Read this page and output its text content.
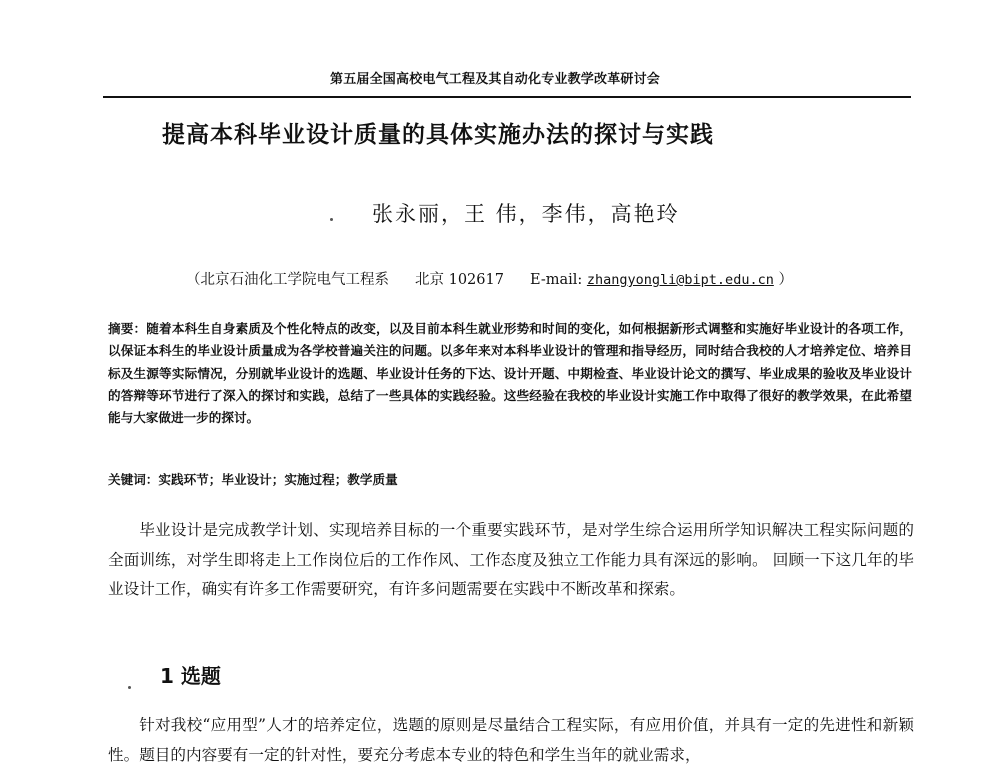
第五届全国高校电气工程及其自动化专业教学改革研讨会
提高本科毕业设计质量的具体实施办法的探讨与实践
张永丽，王 伟，李伟，高艳玲
（北京石油化工学院电气工程系 北京 102617 E-mail: zhangyongli@bipt.edu.cn ）
摘要：随着本科生自身素质及个性化特点的改变，以及目前本科生就业形势和时间的变化，如何根据新形式调整和实施好毕业设计的各项工作，以保证本科生的毕业设计质量成为各学校普遍关注的问题。以多年来对本科毕业设计的管理和指导经历，同时结合我校的人才培养定位、培养目标及生源等实际情况，分别就毕业设计的选题、毕业设计任务的下达、设计开题、中期检查、毕业设计论文的撰写、毕业成果的验收及毕业设计的答辩等环节进行了深入的探讨和实践，总结了一些具体的实践经验。这些经验在我校的毕业设计实施工作中取得了很好的教学效果，在此希望能与大家做进一步的探讨。
关键词：实践环节；毕业设计；实施过程；教学质量
毕业设计是完成教学计划、实现培养目标的一个重要实践环节，是对学生综合运用所学知识解决工程实际问题的全面训练，对学生即将走上工作岗位后的工作作风、工作态度及独立工作能力具有深远的影响。 回顾一下这几年的毕业设计工作，确实有许多工作需要研究，有许多问题需要在实践中不断改革和探索。
1 选题
针对我校“应用型”人才的培养定位，选题的原则是尽量结合工程实际，有应用价值，并具有一定的先进性和新颖性。题目的内容要有一定的针对性，要充分考虑本专业的特色和学生当年的就业需求，
